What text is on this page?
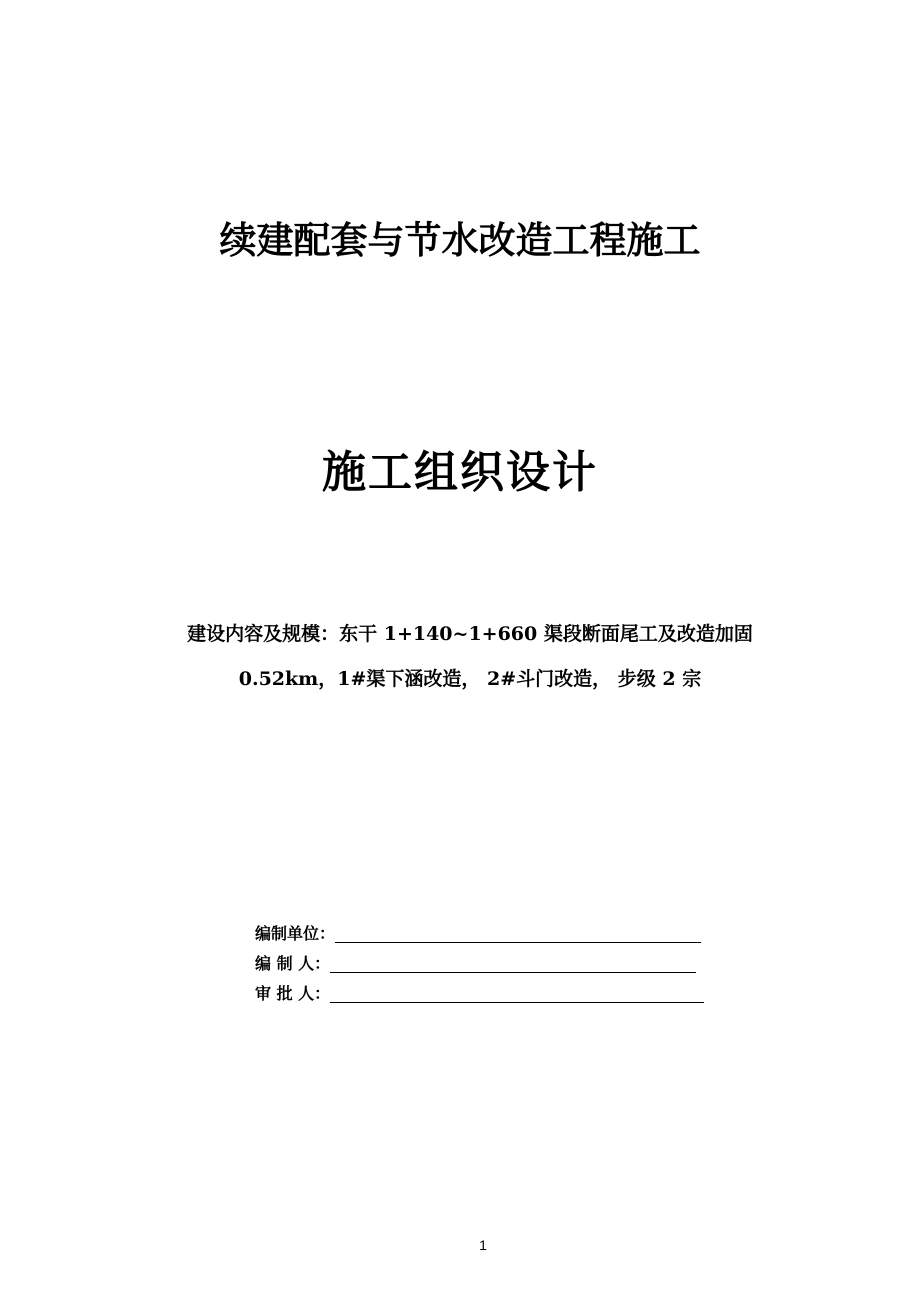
续建配套与节水改造工程施工
施工组织设计
建设内容及规模：东干 1+140~1+660 渠段断面尾工及改造加固
0.52km，1#渠下涵改造， 2#斗门改造， 步级 2 宗
编制单位：
编 制 人：
审 批 人：
1
